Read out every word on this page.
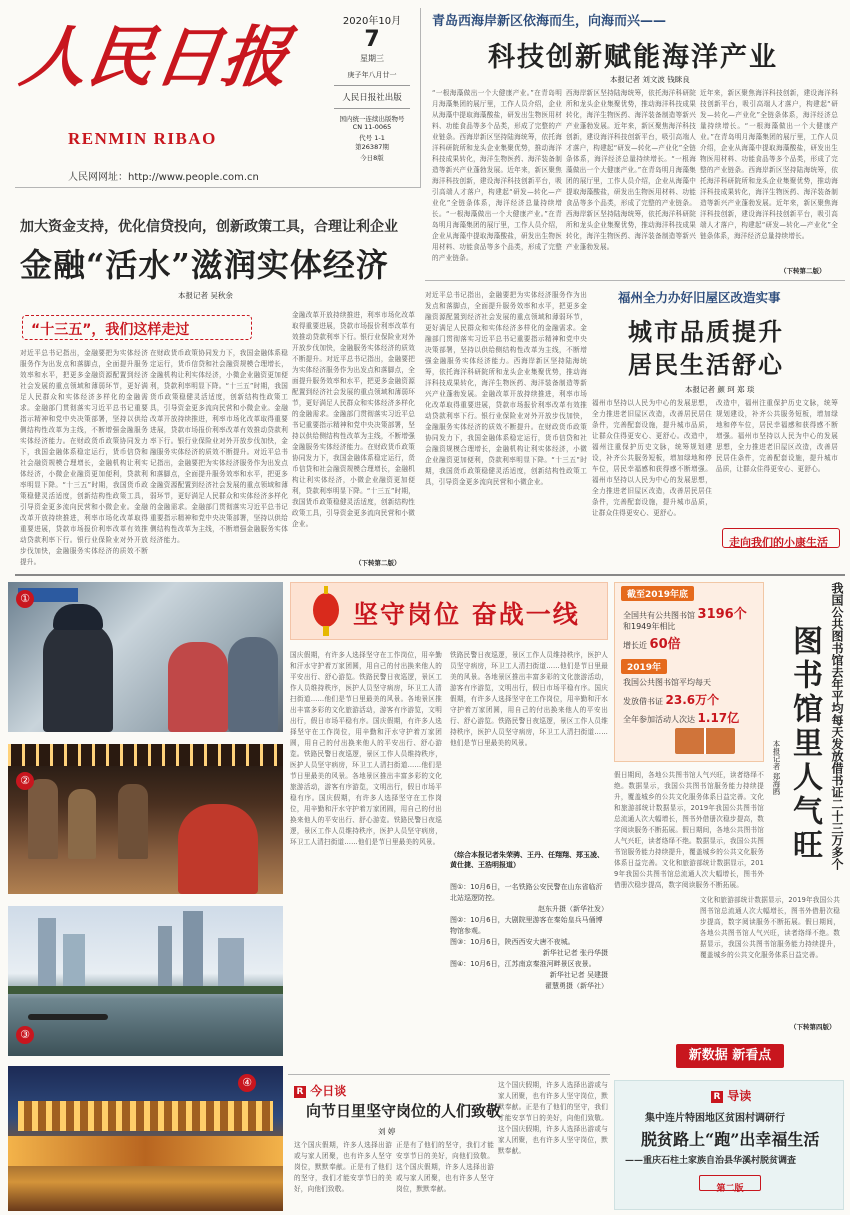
人民日报
RENMIN RIBAO
人民网网址：http://www.people.com.cn
2020年10月
7
星期三
庚子年八月廿一
人民日报社出版
国内统一连续出版物号
CN 11-0065
代号 1-1
第26387期
今日8版
青岛西海岸新区依海而生，向海而兴——
科技创新赋能海洋产业
本报记者 刘文波 钱眯良
“一根海藻做出一个大健康产业。”在青岛明月海藻集团的展厅里，工作人员介绍，企业从海藻中提取海藻酸盐，研发出生物医用材料、功能食品等多个品类，形成了完整的产业链条。西海岸新区坚持陆海统筹，依托海洋科研院所和龙头企业集聚优势，推动海洋科技成果转化，海洋生物医药、海洋装备制造等新兴产业蓬勃发展。近年来，新区聚焦海洋科技创新，建设海洋科技创新平台，吸引高端人才落户，构建起“研发—转化—产业化”全链条体系，海洋经济总量持续增长。“一根海藻做出一个大健康产业。”在青岛明月海藻集团的展厅里，工作人员介绍，企业从海藻中提取海藻酸盐，研发出生物医用材料、功能食品等多个品类，形成了完整的产业链条。
西海岸新区坚持陆海统筹，依托海洋科研院所和龙头企业集聚优势，推动海洋科技成果转化，海洋生物医药、海洋装备制造等新兴产业蓬勃发展。近年来，新区聚焦海洋科技创新，建设海洋科技创新平台，吸引高端人才落户，构建起“研发—转化—产业化”全链条体系，海洋经济总量持续增长。“一根海藻做出一个大健康产业。”在青岛明月海藻集团的展厅里，工作人员介绍，企业从海藻中提取海藻酸盐，研发出生物医用材料、功能食品等多个品类，形成了完整的产业链条。西海岸新区坚持陆海统筹，依托海洋科研院所和龙头企业集聚优势，推动海洋科技成果转化，海洋生物医药、海洋装备制造等新兴产业蓬勃发展。
近年来，新区聚焦海洋科技创新，建设海洋科技创新平台，吸引高端人才落户，构建起“研发—转化—产业化”全链条体系，海洋经济总量持续增长。“一根海藻做出一个大健康产业。”在青岛明月海藻集团的展厅里，工作人员介绍，企业从海藻中提取海藻酸盐，研发出生物医用材料、功能食品等多个品类，形成了完整的产业链条。西海岸新区坚持陆海统筹，依托海洋科研院所和龙头企业集聚优势，推动海洋科技成果转化，海洋生物医药、海洋装备制造等新兴产业蓬勃发展。近年来，新区聚焦海洋科技创新，建设海洋科技创新平台，吸引高端人才落户，构建起“研发—转化—产业化”全链条体系，海洋经济总量持续增长。
（下转第二版）
加大资金支持，优化信贷投向，创新政策工具，合理让利企业
金融“活水”滋润实体经济
本报记者 吴秋余
“十三五”，我们这样走过
对近平总书记指出，金融要把为实体经济服务作为出发点和落脚点，全面提升服务效率和水平，把更多金融资源配置到经济社会发展的重点领域和薄弱环节，更好满足人民群众和实体经济多样化的金融需求。金融部门贯彻落实习近平总书记重要指示精神和党中央决策部署，坚持以供给侧结构性改革为主线，不断增强金融服务实体经济能力。在财政货币政策协同发力下，我国金融体系稳定运行，货币信贷和社会融资规模合理增长，金融机构让利实体经济，小微企业融资更加便利，贷款利率明显下降。“十三五”时期，我国货币政策稳健灵活适度，创新结构性政策工具，引导资金更多流向民营和小微企业。金融改革开放持续推进，利率市场化改革取得重要进展，贷款市场报价利率改革有效推动贷款利率下行。银行业保险业对外开放步伐加快，金融服务实体经济的质效不断提升。
在财政货币政策协同发力下，我国金融体系稳定运行，货币信贷和社会融资规模合理增长，金融机构让利实体经济，小微企业融资更加便利，贷款利率明显下降。“十三五”时期，我国货币政策稳健灵活适度，创新结构性政策工具，引导资金更多流向民营和小微企业。金融改革开放持续推进，利率市场化改革取得重要进展，贷款市场报价利率改革有效推动贷款利率下行。银行业保险业对外开放步伐加快，金融服务实体经济的质效不断提升。对近平总书记指出，金融要把为实体经济服务作为出发点和落脚点，全面提升服务效率和水平，把更多金融资源配置到经济社会发展的重点领域和薄弱环节，更好满足人民群众和实体经济多样化的金融需求。金融部门贯彻落实习近平总书记重要指示精神和党中央决策部署，坚持以供给侧结构性改革为主线，不断增强金融服务实体经济能力。
金融改革开放持续推进，利率市场化改革取得重要进展，贷款市场报价利率改革有效推动贷款利率下行。银行业保险业对外开放步伐加快，金融服务实体经济的质效不断提升。对近平总书记指出，金融要把为实体经济服务作为出发点和落脚点，全面提升服务效率和水平，把更多金融资源配置到经济社会发展的重点领域和薄弱环节，更好满足人民群众和实体经济多样化的金融需求。金融部门贯彻落实习近平总书记重要指示精神和党中央决策部署，坚持以供给侧结构性改革为主线，不断增强金融服务实体经济能力。在财政货币政策协同发力下，我国金融体系稳定运行，货币信贷和社会融资规模合理增长，金融机构让利实体经济，小微企业融资更加便利，贷款利率明显下降。“十三五”时期，我国货币政策稳健灵活适度，创新结构性政策工具，引导资金更多流向民营和小微企业。
（下转第二版）
对近平总书记指出，金融要把为实体经济服务作为出发点和落脚点，全面提升服务效率和水平，把更多金融资源配置到经济社会发展的重点领域和薄弱环节，更好满足人民群众和实体经济多样化的金融需求。金融部门贯彻落实习近平总书记重要指示精神和党中央决策部署，坚持以供给侧结构性改革为主线，不断增强金融服务实体经济能力。西海岸新区坚持陆海统筹，依托海洋科研院所和龙头企业集聚优势，推动海洋科技成果转化，海洋生物医药、海洋装备制造等新兴产业蓬勃发展。金融改革开放持续推进，利率市场化改革取得重要进展，贷款市场报价利率改革有效推动贷款利率下行。银行业保险业对外开放步伐加快，金融服务实体经济的质效不断提升。在财政货币政策协同发力下，我国金融体系稳定运行，货币信贷和社会融资规模合理增长，金融机构让利实体经济，小微企业融资更加便利，贷款利率明显下降。“十三五”时期，我国货币政策稳健灵活适度，创新结构性政策工具，引导资金更多流向民营和小微企业。
福州全力办好旧屋区改造实事
城市品质提升
居民生活舒心
本报记者 颜 珂 郑 琰
福州市坚持以人民为中心的发展思想，全力推进老旧屋区改造，改善居民居住条件，完善配套设施，提升城市品质，让群众住得更安心、更舒心。改造中，福州注重保护历史文脉，统筹规划建设，补齐公共服务短板，增加绿地和停车位，居民幸福感和获得感不断增强。福州市坚持以人民为中心的发展思想，全力推进老旧屋区改造，改善居民居住条件，完善配套设施，提升城市品质，让群众住得更安心、更舒心。
改造中，福州注重保护历史文脉，统筹规划建设，补齐公共服务短板，增加绿地和停车位，居民幸福感和获得感不断增强。福州市坚持以人民为中心的发展思想，全力推进老旧屋区改造，改善居民居住条件，完善配套设施，提升城市品质，让群众住得更安心、更舒心。
走向我们的小康生活
①
②
③
④
坚守岗位 奋战一线
国庆假期，有许多人选择坚守在工作岗位，用辛勤和汗水守护着万家团圆，用自己的付出换来他人的平安出行、舒心游览。铁路民警日夜巡逻，景区工作人员维持秩序，医护人员坚守病房，环卫工人清扫街道……他们是节日里最美的风景。各地景区推出丰富多彩的文化旅游活动，游客有序游览，文明出行，假日市场平稳有序。国庆假期，有许多人选择坚守在工作岗位，用辛勤和汗水守护着万家团圆，用自己的付出换来他人的平安出行、舒心游览。铁路民警日夜巡逻，景区工作人员维持秩序，医护人员坚守病房，环卫工人清扫街道……他们是节日里最美的风景。各地景区推出丰富多彩的文化旅游活动，游客有序游览，文明出行，假日市场平稳有序。国庆假期，有许多人选择坚守在工作岗位，用辛勤和汗水守护着万家团圆，用自己的付出换来他人的平安出行、舒心游览。铁路民警日夜巡逻，景区工作人员维持秩序，医护人员坚守病房，环卫工人清扫街道……他们是节日里最美的风景。
铁路民警日夜巡逻，景区工作人员维持秩序，医护人员坚守病房，环卫工人清扫街道……他们是节日里最美的风景。各地景区推出丰富多彩的文化旅游活动，游客有序游览，文明出行，假日市场平稳有序。国庆假期，有许多人选择坚守在工作岗位，用辛勤和汗水守护着万家团圆，用自己的付出换来他人的平安出行、舒心游览。铁路民警日夜巡逻，景区工作人员维持秩序，医护人员坚守病房，环卫工人清扫街道……他们是节日里最美的风景。
（综合本报记者朱荣骋、王丹、任翔翔、郑玉凌、黄仕捷、王浩明报道）
图①：10月6日，一名铁路公安民警在山东省临沂北站巡逻防控。
赵东升摄（新华社发）
图②：10月6日，大剧院里游客在秦始皇兵马俑博物馆参观。
图③：10月6日，陕西西安大唐不夜城。
新华社记者 张丹华摄
图④：10月6日，江苏南京秦淮河畔景区夜景。
新华社记者 吴建摄
翟慧勇摄（新华社）
R 今日谈
向节日里坚守岗位的人们致敬
刘 婷
这个国庆假期，许多人选择出游或与家人团聚，也有许多人坚守岗位，默默奉献。正是有了他们的坚守，我们才能安享节日的美好，向他们致敬。
正是有了他们的坚守，我们才能安享节日的美好，向他们致敬。这个国庆假期，许多人选择出游或与家人团聚，也有许多人坚守岗位，默默奉献。
这个国庆假期，许多人选择出游或与家人团聚，也有许多人坚守岗位，默默奉献。正是有了他们的坚守，我们才能安享节日的美好，向他们致敬。这个国庆假期，许多人选择出游或与家人团聚，也有许多人坚守岗位，默默奉献。
截至2019年底
全国共有公共图书馆 3196个
和1949年相比
增长近 60倍
2019年
我国公共图书馆平均每天
发放借书证 23.6万个
全年参加活动人次达 1.17亿	我国公共图书馆去年平均每天发放借书证二十三万多个
图书馆里人气旺
本报记者 郑海鸥
假日期间，各地公共图书馆人气兴旺，读者络绎不绝。数据显示，我国公共图书馆服务能力持续提升，覆盖城乡的公共文化服务体系日益完善。文化和旅游部统计数据显示，2019年我国公共图书馆总流通人次大幅增长，图书外借册次稳步提高，数字阅读服务不断拓展。假日期间，各地公共图书馆人气兴旺，读者络绎不绝。数据显示，我国公共图书馆服务能力持续提升，覆盖城乡的公共文化服务体系日益完善。文化和旅游部统计数据显示，2019年我国公共图书馆总流通人次大幅增长，图书外借册次稳步提高，数字阅读服务不断拓展。
文化和旅游部统计数据显示，2019年我国公共图书馆总流通人次大幅增长，图书外借册次稳步提高，数字阅读服务不断拓展。假日期间，各地公共图书馆人气兴旺，读者络绎不绝。数据显示，我国公共图书馆服务能力持续提升，覆盖城乡的公共文化服务体系日益完善。
（下转第四版）
新数据 新看点
R 导读
集中连片特困地区贫困村调研行
脱贫路上“跑”出幸福生活
——重庆石柱土家族自治县华溪村脱贫调查
第二版
